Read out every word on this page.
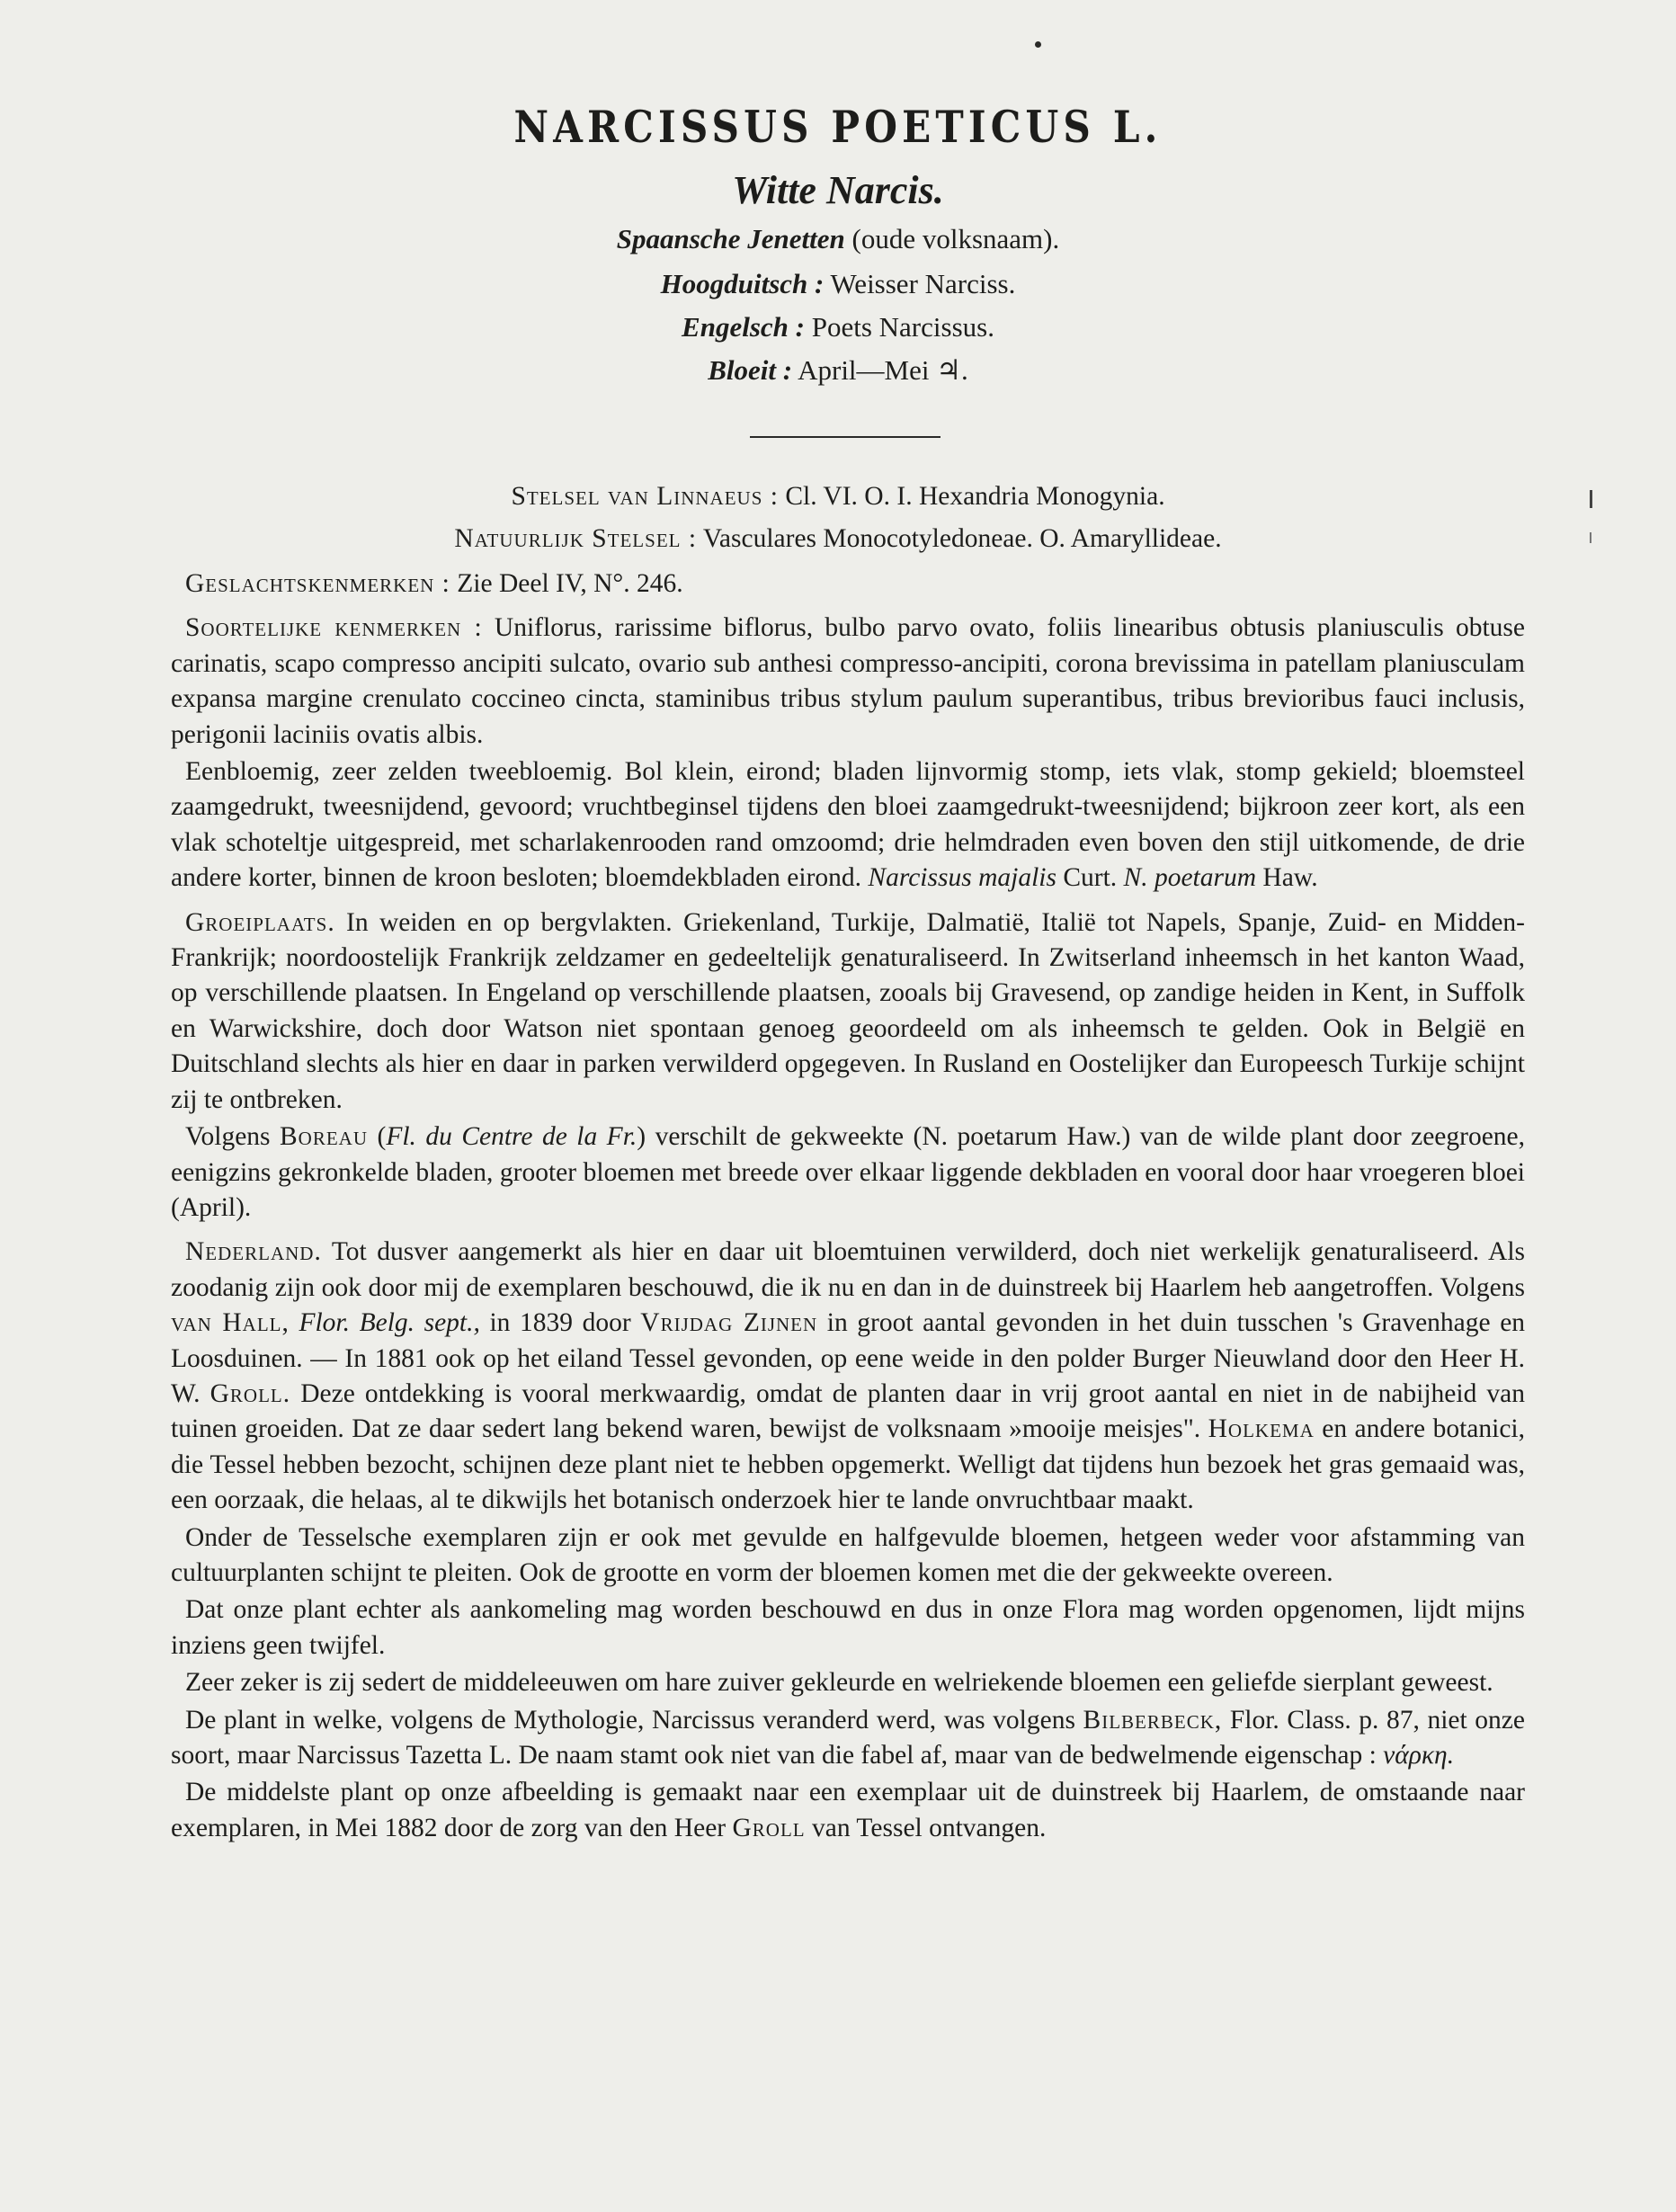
NARCISSUS POETICUS L.
Witte Narcis.
Spaansche Jenetten (oude volksnaam).
Hoogduitsch : Weisser Narciss.
Engelsch : Poets Narcissus.
Bloeit : April—Mei ♃.
Stelsel van Linnaeus : Cl. VI. O. I. Hexandria Monogynia.
Natuurlijk Stelsel : Vasculares Monocotyledoneae. O. Amaryllideae.

Geslachtskenmerken : Zie Deel IV, N°. 246.

Soortelijke kenmerken : Uniflorus, rarissime biflorus, bulbo parvo ovato, foliis linearibus obtusis planiusculis obtuse carinatis, scapo compresso ancipiti sulcato, ovario sub anthesi compresso-ancipiti, corona brevissima in patellam planiusculam expansa margine crenulato coccineo cincta, staminibus tribus stylum paulum superantibus, tribus brevioribus fauci inclusis, perigonii laciniis ovatis albis.

Eenbloemig, zeer zelden tweebloemig. Bol klein, eirond; bladen lijnvormig stomp, iets vlak, stomp gekield; bloemsteel zaamgedrukt, tweesnijdend, gevoord; vruchtbeginsel tijdens den bloei zaamgedrukt-tweesnijdend; bijkroon zeer kort, als een vlak schoteltje uitgespreid, met scharlakenrooden rand omzoomd; drie helmdraden even boven den stijl uitkomende, de drie andere korter, binnen de kroon besloten; bloemdekbladen eirond. Narcissus majalis Curt. N. poetarum Haw.

Groeiplaats. In weiden en op bergvlakten. Griekenland, Turkije, Dalmatië, Italië tot Napels, Spanje, Zuid- en Midden-Frankrijk; noordoostelijk Frankrijk zeldzamer en gedeeltelijk genaturaliseerd. In Zwitserland inheemsch in het kanton Waad, op verschillende plaatsen. In Engeland op verschillende plaatsen, zooals bij Gravesend, op zandige heiden in Kent, in Suffolk en Warwickshire, doch door Watson niet spontaan genoeg geoordeeld om als inheemsch te gelden. Ook in België en Duitschland slechts als hier en daar in parken verwilderd opgegeven. In Rusland en Oostelijker dan Europeesch Turkije schijnt zij te ontbreken.

Volgens Boreau (Fl. du Centre de la Fr.) verschilt de gekweekte (N. poetarum Haw.) van de wilde plant door zeegroene, eenigzins gekronkelde bladen, grooter bloemen met breede over elkaar liggende dekbladen en vooral door haar vroegeren bloei (April).

Nederland. Tot dusver aangemerkt als hier en daar uit bloemtuinen verwilderd, doch niet werkelijk genaturaliseerd. Als zoodanig zijn ook door mij de exemplaren beschouwd, die ik nu en dan in de duinstreek bij Haarlem heb aangetroffen. Volgens van Hall, Flor. Belg. sept., in 1839 door Vrijdag Zijnen in groot aantal gevonden in het duin tusschen 's Gravenhage en Loosduinen. — In 1881 ook op het eiland Tessel gevonden, op eene weide in den polder Burger Nieuwland door den Heer H. W. Groll. Deze ontdekking is vooral merkwaardig, omdat de planten daar in vrij groot aantal en niet in de nabijheid van tuinen groeiden. Dat ze daar sedert lang bekend waren, bewijst de volksnaam »mooije meisjes". Holkema en andere botanici, die Tessel hebben bezocht, schijnen deze plant niet te hebben opgemerkt. Welligt dat tijdens hun bezoek het gras gemaaid was, een oorzaak, die helaas, al te dikwijls het botanisch onderzoek hier te lande onvruchtbaar maakt.

Onder de Tesselsche exemplaren zijn er ook met gevulde en halfgevulde bloemen, hetgeen weder voor afstamming van cultuurplanten schijnt te pleiten. Ook de grootte en vorm der bloemen komen met die der gekweekte overeen.

Dat onze plant echter als aankomeling mag worden beschouwd en dus in onze Flora mag worden opgenomen, lijdt mijns inziens geen twijfel.

Zeer zeker is zij sedert de middeleeuwen om hare zuiver gekleurde en welriekende bloemen een geliefde sierplant geweest.

De plant in welke, volgens de Mythologie, Narcissus veranderd werd, was volgens Bilberbeck, Flor. Class. p. 87, niet onze soort, maar Narcissus Tazetta L. De naam stamt ook niet van die fabel af, maar van de bedwelmende eigenschap : νάρκη.

De middelste plant op onze afbeelding is gemaakt naar een exemplaar uit de duinstreek bij Haarlem, de omstaande naar exemplaren, in Mei 1882 door de zorg van den Heer Groll van Tessel ontvangen.
